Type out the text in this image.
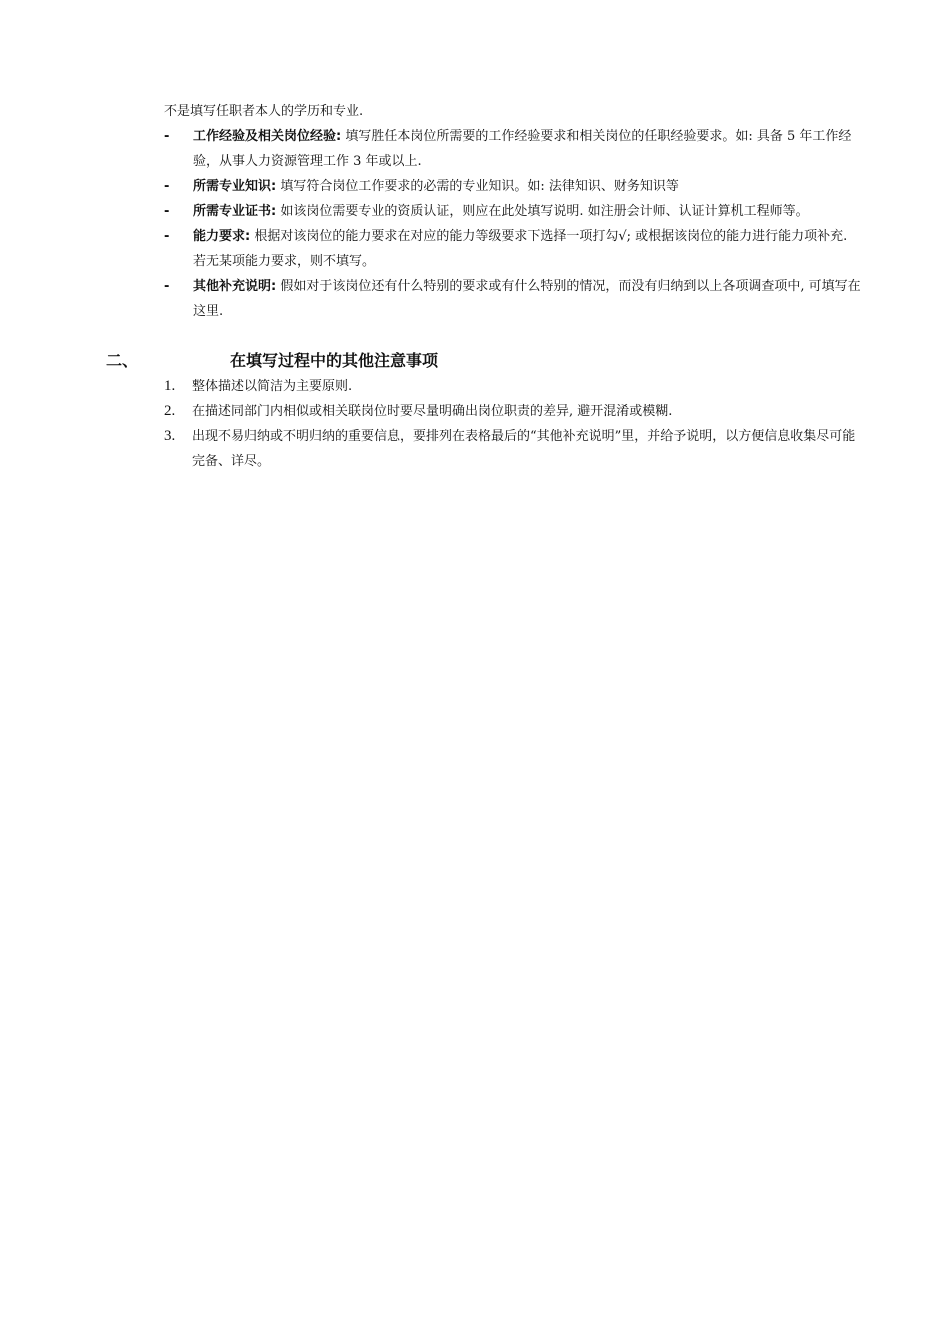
不是填写任职者本人的学历和专业.

- 工作经验及相关岗位经验: 填写胜任本岗位所需要的工作经验要求和相关岗位的任职经验要求。如: 具备 5 年工作经验，从事人力资源管理工作 3 年或以上.

- 所需专业知识: 填写符合岗位工作要求的必需的专业知识。如: 法律知识、财务知识等

- 所需专业证书: 如该岗位需要专业的资质认证，则应在此处填写说明. 如注册会计师、认证计算机工程师等。

- 能力要求: 根据对该岗位的能力要求在对应的能力等级要求下选择一项打勾√; 或根据该岗位的能力进行能力项补充. 若无某项能力要求，则不填写。

- 其他补充说明: 假如对于该岗位还有什么特别的要求或有什么特别的情况，而没有归纳到以上各项调查项中, 可填写在这里.

二、	在填写过程中的其他注意事项

1. 整体描述以简洁为主要原则.

2. 在描述同部门内相似或相关联岗位时要尽量明确出岗位职责的差异, 避开混淆或模糊.

3. 出现不易归纳或不明归纳的重要信息，要排列在表格最后的“其他补充说明”里，并给予说明，以方便信息收集尽可能完备、详尽。
